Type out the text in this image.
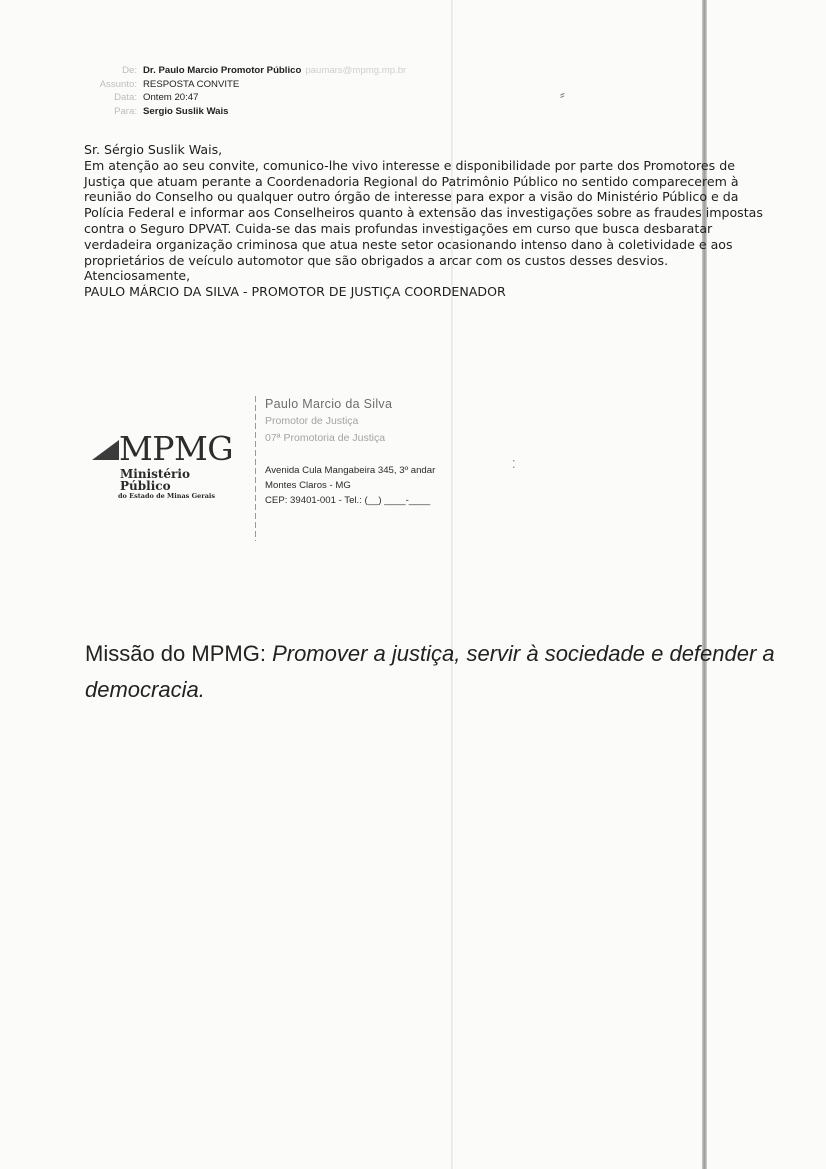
⸗
⁚
De: Dr. Paulo Marcio Promotor Público paumars@mpmg.mp.br
Assunto: RESPOSTA CONVITE
Data: Ontem 20:47
Para: Sergio Suslik Wais

Sr. Sérgio Suslik Wais,

Em atenção ao seu convite, comunico-lhe vivo interesse e disponibilidade por parte dos Promotores de Justiça que atuam perante a Coordenadoria Regional do Patrimônio Público no sentido comparecerem à reunião do Conselho ou qualquer outro órgão de interesse para expor a visão do Ministério Público e da Polícia Federal e informar aos Conselheiros quanto à extensão das investigações sobre as fraudes impostas contra o Seguro DPVAT. Cuida-se das mais profundas investigações em curso que busca desbaratar verdadeira organização criminosa que atua neste setor ocasionando intenso dano à coletividade e aos proprietários de veículo automotor que são obrigados a arcar com os custos desses desvios.

Atenciosamente,

PAULO MÁRCIO DA SILVA - PROMOTOR DE JUSTIÇA COORDENADOR

MPMG
Ministério Público
do Estado de Minas Gerais
Paulo Marcio da Silva
Promotor de Justiça
07ª Promotoria de Justiça
Avenida Cula Mangabeira 345, 3º andar
Montes Claros - MG
CEP: 39401-001 - Tel.: (__) ____-____
Missão do MPMG: Promover a justiça, servir à sociedade e defender a democracia.
